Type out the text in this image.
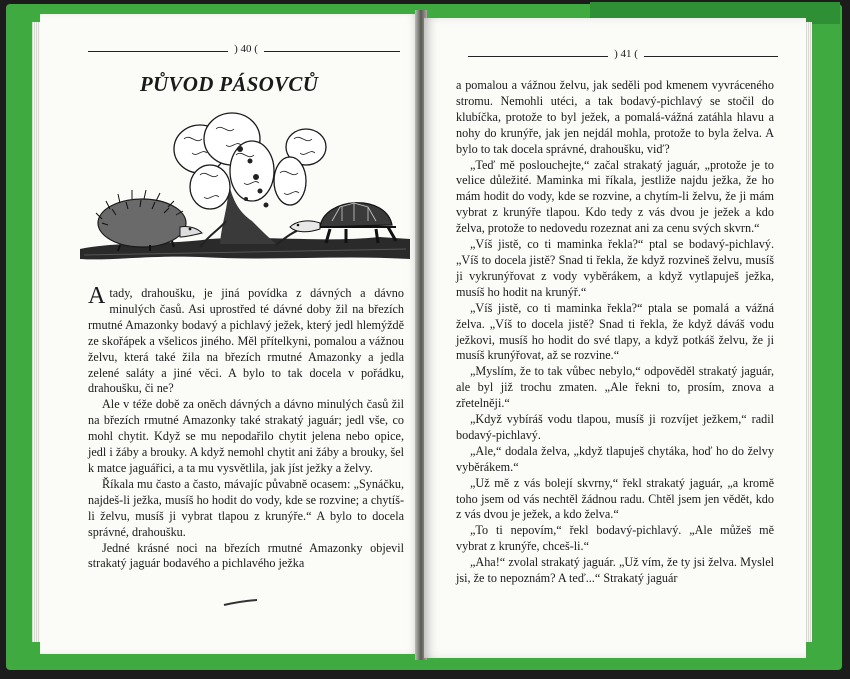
) 40 (
PŮVOD PÁSOVCŮ

A tady, drahoušku, je jiná povídka z dávných a dávno minulých časů. Asi uprostřed té dávné doby žil na březích rmutné Amazonky bodavý a pichlavý ježek, který jedl hlemýždě ze skořápek a všelicos jiného. Měl přítelkyni, pomalou a vážnou želvu, která také žila na březích rmutné Amazonky a jedla zelené saláty a jiné věci. A bylo to tak docela v pořádku, drahoušku, či ne?

Ale v téže době za oněch dávných a dávno minulých časů žil na březích rmutné Amazonky také strakatý jaguár; jedl vše, co mohl chytit. Když se mu nepodařilo chytit jelena nebo opice, jedl i žáby a brouky. A když nemohl chytit ani žáby a brouky, šel k matce jaguářici, a ta mu vysvětlila, jak jíst ježky a želvy.

Říkala mu často a často, mávajíc půvabně ocasem: „Synáčku, najdeš-li ježka, musíš ho hodit do vody, kde se rozvine; a chytíš-li želvu, musíš ji vybrat tlapou z krunýře.“ A bylo to docela správné, drahoušku.

Jedné krásné noci na březích rmutné Amazonky objevil strakatý jaguár bodavého a pichlavého ježka

) 41 (

a pomalou a vážnou želvu, jak seděli pod kmenem vyvráceného stromu. Nemohli utéci, a tak bodavý-pichlavý se stočil do klubíčka, protože to byl ježek, a pomalá-vážná zatáhla hlavu a nohy do krunýře, jak jen nejdál mohla, protože to byla želva. A bylo to tak docela správné, drahoušku, viď?

„Teď mě poslouchejte,“ začal strakatý jaguár, „protože je to velice důležité. Maminka mi říkala, jestliže najdu ježka, že ho mám hodit do vody, kde se rozvine, a chytím-li želvu, že ji mám vybrat z krunýře tlapou. Kdo tedy z vás dvou je ježek a kdo želva, protože to nedovedu rozeznat ani za cenu svých skvrn.“

„Víš jistě, co ti maminka řekla?“ ptal se bodavý-pichlavý. „Víš to docela jistě? Snad ti řekla, že když rozvineš želvu, musíš ji vykrunýřovat z vody vyběrákem, a když vytlapuješ ježka, musíš ho hodit na krunýř.“

„Víš jistě, co ti maminka řekla?“ ptala se pomalá a vážná želva. „Víš to docela jistě? Snad ti řekla, že když dáváš vodu ježkovi, musíš ho hodit do své tlapy, a když potkáš želvu, že ji musíš krunýřovat, až se rozvine.“

„Myslím, že to tak vůbec nebylo,“ odpověděl strakatý jaguár, ale byl již trochu zmaten. „Ale řekni to, prosím, znova a zřetelněji.“

„Když vybíráš vodu tlapou, musíš ji rozvíjet ježkem,“ radil bodavý-pichlavý.

„Ale,“ dodala želva, „když tlapuješ chytáka, hoď ho do želvy vyběrákem.“

„Už mě z vás bolejí skvrny,“ řekl strakatý jaguár, „a kromě toho jsem od vás nechtěl žádnou radu. Chtěl jsem jen vědět, kdo z vás dvou je ježek, a kdo želva.“

„To ti nepovím,“ řekl bodavý-pichlavý. „Ale můžeš mě vybrat z krunýře, chceš-li.“

„Aha!“ zvolal strakatý jaguár. „Už vím, že ty jsi želva. Myslel jsi, že to nepoznám? A teď...“ Strakatý jaguár
